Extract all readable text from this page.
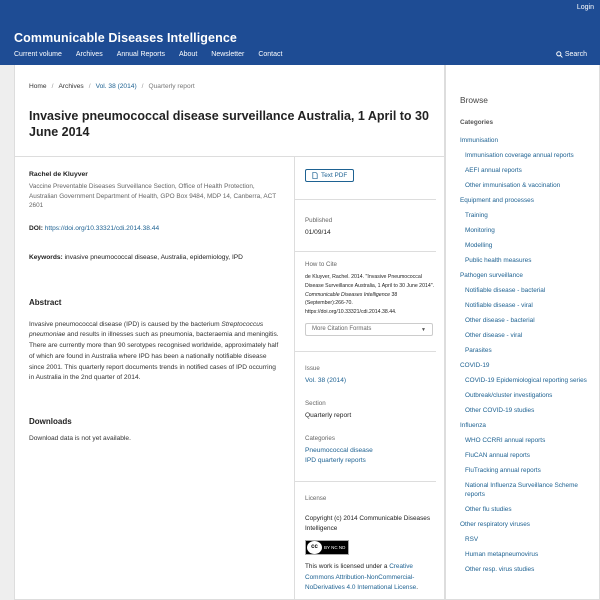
Login
Communicable Diseases Intelligence
Current volume Archives Annual Reports About Newsletter Contact	Search
Home / Archives / Vol. 38 (2014) / Quarterly report
Invasive pneumococcal disease surveillance Australia, 1 April to 30 June 2014
Rachel de Kluyver
Vaccine Preventable Diseases Surveillance Section, Office of Health Protection, Australian Government Department of Health, GPO Box 9484, MDP 14, Canberra, ACT 2601
DOI: https://doi.org/10.33321/cdi.2014.38.44
Keywords: invasive pneumococcal disease, Australia, epidemiology, IPD
Abstract
Invasive pneumococcal disease (IPD) is caused by the bacterium Streptococcus pneumoniae and results in illnesses such as pneumonia, bacteraemia and meningitis. There are currently more than 90 serotypes recognised worldwide, approximately half of which are found in Australia where IPD has been a nationally notifiable disease since 2001. This quarterly report documents trends in notified cases of IPD occurring in Australia in the 2nd quarter of 2014.
Downloads
Download data is not yet available.
Text PDF
Published
01/09/14
How to Cite
de Kluyver, Rachel. 2014. "Invasive Pneumococcal Disease Surveillance Australia, 1 April to 30 June 2014". Communicable Diseases Intelligence 38 (September):266-70. https://doi.org/10.33321/cdi.2014.38.44.
More Citation Formats	▼
Issue
Vol. 38 (2014)
Section
Quarterly report
Categories
Pneumococcal disease
IPD quarterly reports
License
Copyright (c) 2014 Communicable Diseases Intelligence
cc	BY NC ND
This work is licensed under a Creative Commons Attribution-NonCommercial-NoDerivatives 4.0 International License.
Browse
Categories
Immunisation
Immunisation coverage annual reports
AEFI annual reports
Other immunisation & vaccination
Equipment and processes
Training
Monitoring
Modelling
Public health measures
Pathogen surveillance
Notifiable disease - bacterial
Notifiable disease - viral
Other disease - bacterial
Other disease - viral
Parasites
COVID-19
COVID-19 Epidemiological reporting series
Outbreak/cluster investigations
Other COVID-19 studies
Influenza
WHO CCRRI annual reports
FluCAN annual reports
FluTracking annual reports
National Influenza Surveillance Scheme reports
Other flu studies
Other respiratory viruses
RSV
Human metapneumovirus
Other resp. virus studies
